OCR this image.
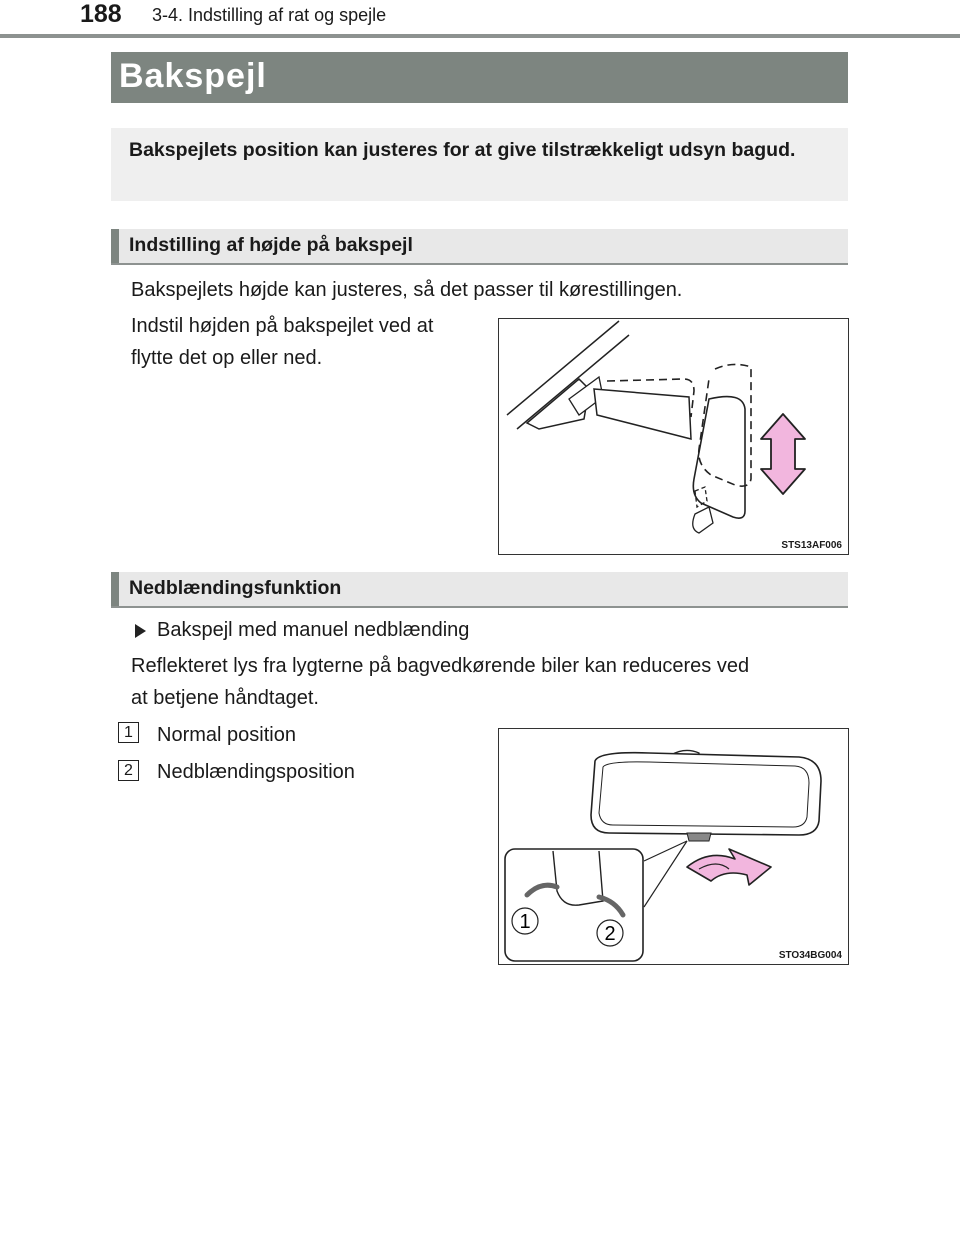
188 3-4. Indstilling af rat og spejle
Bakspejl

Bakspejlets position kan justeres for at give tilstrækkeligt udsyn bagud.

Indstilling af højde på bakspejl
Bakspejlets højde kan justeres, så det passer til kørestillingen.
Indstil højden på bakspejlet ved at
flytte det op eller ned.
STS13AF006
Nedblændingsfunktion
Bakspejl med manuel nedblænding
Reflekteret lys fra lygterne på bagvedkørende biler kan reduceres ved
at betjene håndtaget.
1	Normal position
2	Nedblændingsposition
1
2
STO34BG004
